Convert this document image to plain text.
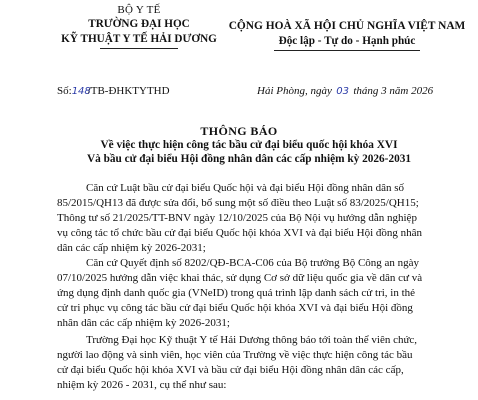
BỘ Y TẾ
TRƯỜNG ĐẠI HỌC
KỸ THUẬT Y TẾ HẢI DƯƠNG
CỘNG HOÀ XÃ HỘI CHỦ NGHĨA VIỆT NAM
Độc lập - Tự do - Hạnh phúc
Số:148/TB-ĐHKTYTHD	Hải Phòng, ngày 03 tháng 3 năm 2026
THÔNG BÁO
Về việc thực hiện công tác bầu cử đại biểu quốc hội khóa XVI
Và bầu cử đại biểu Hội đồng nhân dân các cấp nhiệm kỳ 2026-2031
Căn cứ Luật bầu cử đại biểu Quốc hội và đại biểu Hội đồng nhân dân số
85/2015/QH13 đã được sửa đổi, bổ sung một số điều theo Luật số 83/2025/QH15;
Thông tư số 21/2025/TT-BNV ngày 12/10/2025 của Bộ Nội vụ hướng dẫn nghiệp
vụ công tác tổ chức bầu cử đại biểu Quốc hội khóa XVI và đại biểu Hội đồng nhân
dân các cấp nhiệm kỳ 2026-2031;
Căn cứ Quyết định số 8202/QĐ-BCA-C06 của Bộ trưởng Bộ Công an ngày
07/10/2025 hướng dẫn việc khai thác, sử dụng Cơ sở dữ liệu quốc gia về dân cư và
ứng dụng định danh quốc gia (VNeID) trong quá trình lập danh sách cử tri, in thẻ
cử tri phục vụ công tác bầu cử đại biểu Quốc hội khóa XVI và đại biểu Hội đồng
nhân dân các cấp nhiệm kỳ 2026-2031;
Trường Đại học Kỹ thuật Y tế Hải Dương thông báo tới toàn thể viên chức,
người lao động và sinh viên, học viên của Trường về việc thực hiện công tác bầu
cử đại biểu Quốc hội khóa XVI và bầu cử đại biểu Hội đồng nhân dân các cấp,
nhiệm kỳ 2026 - 2031, cụ thể như sau:
